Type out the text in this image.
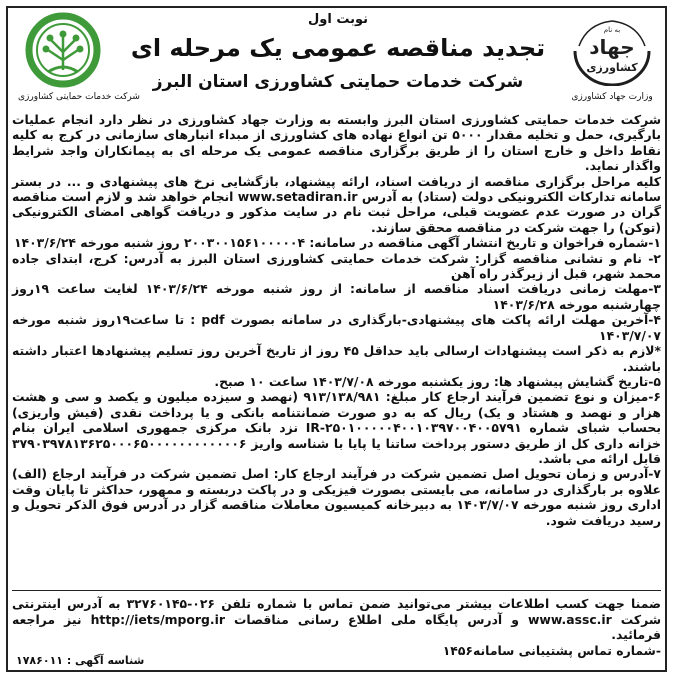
شرکت خدمات حمایتی کشاورزی
نوبت اول
تجدید مناقصه عمومی یک مرحله ای
شرکت خدمات حمایتی کشاورزی استان البرز
به نام
جهاد
کشاورزی
وزارت جهاد کشاورزی

شرکت خدمات حمایتی کشاورزی استان البرز وابسته به وزارت جهاد کشاورزی در نظر دارد انجام عملیات بارگیری، حمل و تخلیه مقدار ۵۰۰۰ تن انواع نهاده های کشاورزی از مبداء انبارهای سازمانی در کرج به کلیه نقاط داخل و خارج استان را از طریق برگزاری مناقصه عمومی یک مرحله ای به پیمانکاران واجد شرایط واگذار نماید.

کلیه مراحل برگزاری مناقصه از دریافت اسناد، ارائه پیشنهاد، بازگشایی نرخ های پیشنهادی و ... در بستر سامانه تدارکات الکترونیکی دولت (ستاد) به آدرس www.setadiran.ir انجام خواهد شد و لازم است مناقصه گران در صورت عدم عضویت قبلی، مراحل ثبت نام در سایت مذکور و دریافت گواهی امضای الکترونیکی (توکن) را جهت شرکت در مناقصه محقق سازند.

۱-شماره فراخوان و تاریخ انتشار آگهی مناقصه در سامانه: ۲۰۰۳۰۰۱۵۶۱۰۰۰۰۰۴ روز شنبه مورخه ۱۴۰۳/۶/۲۴

۲- نام و نشانی مناقصه گزار: شرکت خدمات حمایتی کشاورزی استان البرز به آدرس: کرج، ابتدای جاده محمد شهر، قبل از زیرگذر راه آهن

۳-مهلت زمانی دریافت اسناد مناقصه از سامانه: از روز شنبه مورخه ۱۴۰۳/۶/۲۴ لغایت ساعت ۱۹روز چهارشنبه مورخه ۱۴۰۳/۶/۲۸

۴-آخرین مهلت ارائه پاکت های پیشنهادی-بارگذاری در سامانه بصورت pdf : تا ساعت۱۹روز شنبه مورخه ۱۴۰۳/۷/۰۷

*لازم به ذکر است پیشنهادات ارسالی باید حداقل ۴۵ روز از تاریخ آخرین روز تسلیم پیشنهادها اعتبار داشته باشند.

۵-تاریخ گشایش پیشنهاد ها: روز یکشنبه مورخه ۱۴۰۳/۷/۰۸ ساعت ۱۰ صبح.

۶-میزان و نوع تضمین فرآیند ارجاع کار مبلغ: ۹۱۳/۱۳۸/۹۸۱ (نهصد و سیزده میلیون و یکصد و سی و هشت هزار و نهصد و هشتاد و یک) ریال که به دو صورت ضمانتنامه بانکی و یا پرداخت نقدی (فیش واریزی) بحساب شبای شماره IR-۲۵۰۱۰۰۰۰۰۴۰۰۱۰۳۹۷۰۰۴۰۰۵۷۹۱ نزد بانک مرکزی جمهوری اسلامی ایران بنام خزانه داری کل از طریق دستور پرداخت ساتنا یا پایا با شناسه واریز ۳۷۹۰۳۹۷۸۱۳۶۲۵۰۰۰۶۵۰۰۰۰۰۰۰۰۰۰۰۰۶ قابل ارائه می باشد.

۷-آدرس و زمان تحویل اصل تضمین شرکت در فرآیند ارجاع کار: اصل تضمین شرکت در فرآیند ارجاع (الف) علاوه بر بارگذاری در سامانه، می بایستی بصورت فیزیکی و در پاکت دربسته و ممهور، حداکثر تا پایان وقت اداری روز شنبه مورخه ۱۴۰۳/۷/۰۷ به دبیرخانه کمیسیون معاملات مناقصه گزار در آدرس فوق الذکر تحویل و رسید دریافت شود.

ضمنا جهت کسب اطلاعات بیشتر می‌توانید ضمن تماس با شماره تلفن ۰۲۶-۳۲۷۶۰۱۴۵ به آدرس اینترنتی شرکت www.assc.ir و آدرس پایگاه ملی اطلاع رسانی مناقصات http://iets/mporg.ir نیز مراجعه فرمائید.

-شماره تماس پشتیبانی سامانه۱۴۵۶

شناسه آگهی : ۱۷۸۶۰۱۱
